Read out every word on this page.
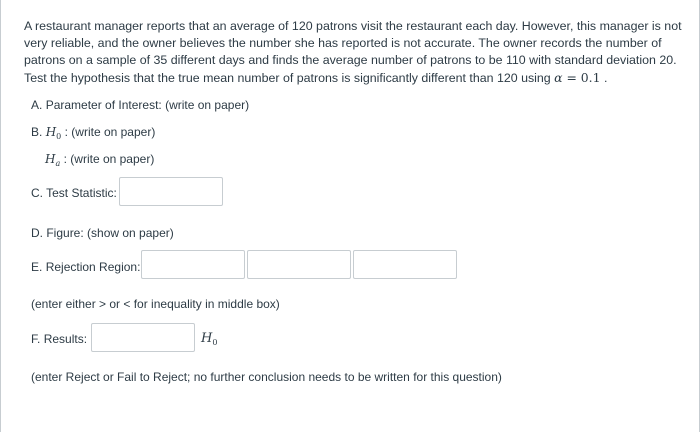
A restaurant manager reports that an average of 120 patrons visit the restaurant each day. However, this manager is not very reliable, and the owner believes the number she has reported is not accurate. The owner records the number of patrons on a sample of 35 different days and finds the average number of patrons to be 110 with standard deviation 20. Test the hypothesis that the true mean number of patrons is significantly different than 120 using α = 0.1 .
A. Parameter of Interest: (write on paper)
B. $H_0$ : (write on paper)
$H_a$ : (write on paper)
C. Test Statistic:
D. Figure: (show on paper)
E. Rejection Region:
(enter either > or < for inequality in middle box)
F. Results:	$H_0$
(enter Reject or Fail to Reject; no further conclusion needs to be written for this question)
